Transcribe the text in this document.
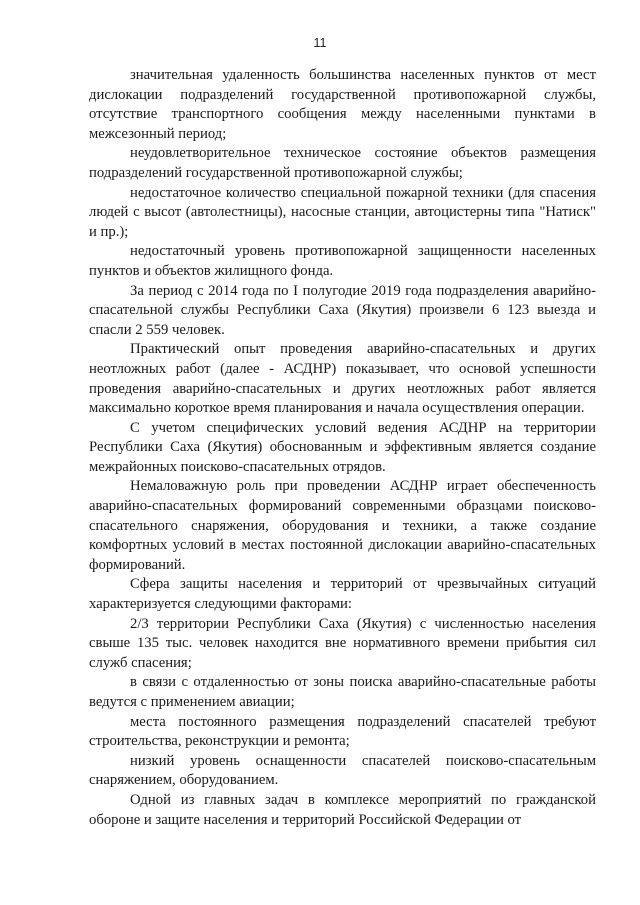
11

значительная удаленность большинства населенных пунктов от мест дислокации подразделений государственной противопожарной службы, отсутствие транспортного сообщения между населенными пунктами в межсезонный период;

неудовлетворительное техническое состояние объектов размещения подразделений государственной противопожарной службы;

недостаточное количество специальной пожарной техники (для спасения людей с высот (автолестницы), насосные станции, автоцистерны типа "Натиск" и пр.);

недостаточный уровень противопожарной защищенности населенных пунктов и объектов жилищного фонда.

За период с 2014 года по I полугодие 2019 года подразделения аварийно-спасательной службы Республики Саха (Якутия) произвели 6 123 выезда и спасли 2 559 человек.

Практический опыт проведения аварийно-спасательных и других неотложных работ (далее - АСДНР) показывает, что основой успешности проведения аварийно-спасательных и других неотложных работ является максимально короткое время планирования и начала осуществления операции.

С учетом специфических условий ведения АСДНР на территории Республики Саха (Якутия) обоснованным и эффективным является создание межрайонных поисково-спасательных отрядов.

Немаловажную роль при проведении АСДНР играет обеспеченность аварийно-спасательных формирований современными образцами поисково-спасательного снаряжения, оборудования и техники, а также создание комфортных условий в местах постоянной дислокации аварийно-спасательных формирований.

Сфера защиты населения и территорий от чрезвычайных ситуаций характеризуется следующими факторами:

2/3 территории Республики Саха (Якутия) с численностью населения свыше 135 тыс. человек находится вне нормативного времени прибытия сил служб спасения;

в связи с отдаленностью от зоны поиска аварийно-спасательные работы ведутся с применением авиации;

места постоянного размещения подразделений спасателей требуют строительства, реконструкции и ремонта;

низкий уровень оснащенности спасателей поисково-спасательным снаряжением, оборудованием.

Одной из главных задач в комплексе мероприятий по гражданской обороне и защите населения и территорий Российской Федерации от
